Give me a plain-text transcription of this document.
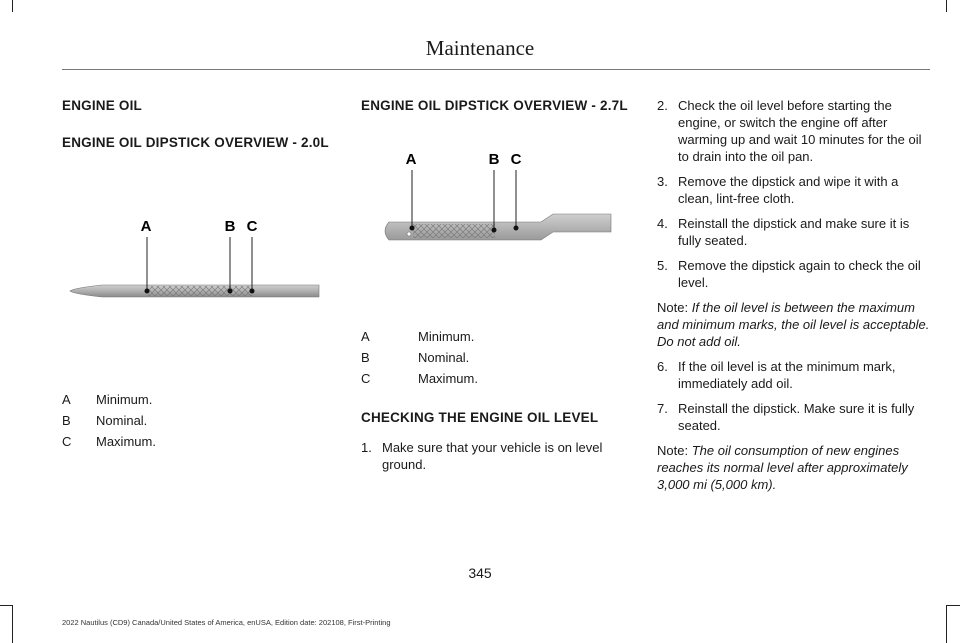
Maintenance
ENGINE OIL
ENGINE OIL DIPSTICK OVERVIEW - 2.0L
A	B C
A	Minimum.
B	Nominal.
C	Maximum.
ENGINE OIL DIPSTICK OVERVIEW - 2.7L
A	B C
A	Minimum.
B	Nominal.
C	Maximum.
CHECKING THE ENGINE OIL LEVEL
1. Make sure that your vehicle is on level ground.
2. Check the oil level before starting the engine, or switch the engine off after warming up and wait 10 minutes for the oil to drain into the oil pan.
3. Remove the dipstick and wipe it with a clean, lint-free cloth.
4. Reinstall the dipstick and make sure it is fully seated.
5. Remove the dipstick again to check the oil level.

Note: If the oil level is between the maximum and minimum marks, the oil level is acceptable. Do not add oil.

6. If the oil level is at the minimum mark, immediately add oil.
7. Reinstall the dipstick. Make sure it is fully seated.

Note: The oil consumption of new engines reaches its normal level after approximately 3,000 mi (5,000 km).

345
2022 Nautilus (CD9) Canada/United States of America, enUSA, Edition date: 202108, First-Printing
